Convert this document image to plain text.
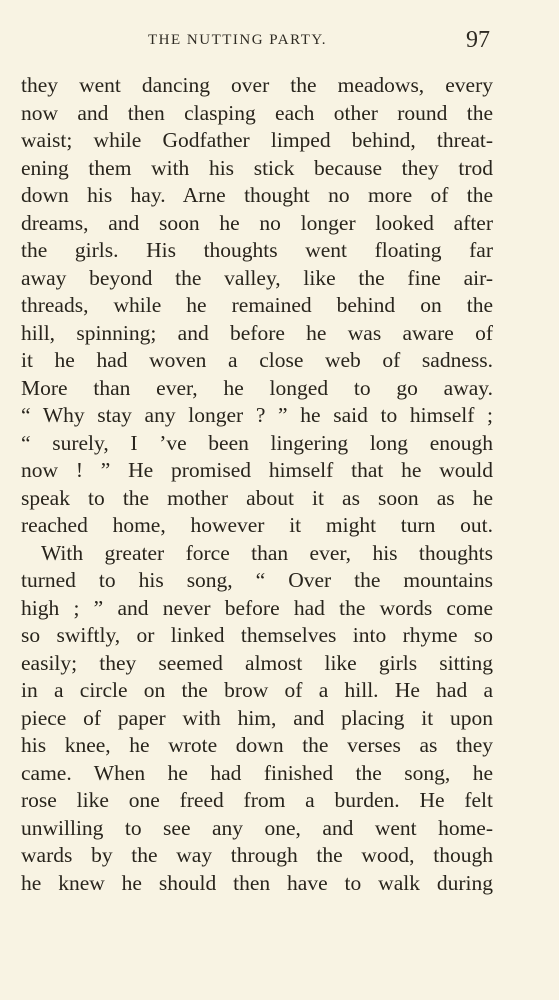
THE NUTTING PARTY.	97
they went dancing over the meadows, every
now and then clasping each other round the
waist; while Godfather limped behind, threat-
ening them with his stick because they trod
down his hay. Arne thought no more of the
dreams, and soon he no longer looked after
the girls. His thoughts went floating far
away beyond the valley, like the fine air-
threads, while he remained behind on the
hill, spinning; and before he was aware of
it he had woven a close web of sadness.
More than ever, he longed to go away.
“ Why stay any longer ? ” he said to himself ;
“ surely, I ’ve been lingering long enough
now ! ” He promised himself that he would
speak to the mother about it as soon as he
reached home, however it might turn out.
With greater force than ever, his thoughts
turned to his song, “ Over the mountains
high ; ” and never before had the words come
so swiftly, or linked themselves into rhyme so
easily; they seemed almost like girls sitting
in a circle on the brow of a hill. He had a
piece of paper with him, and placing it upon
his knee, he wrote down the verses as they
came. When he had finished the song, he
rose like one freed from a burden. He felt
unwilling to see any one, and went home-
wards by the way through the wood, though
he knew he should then have to walk during
